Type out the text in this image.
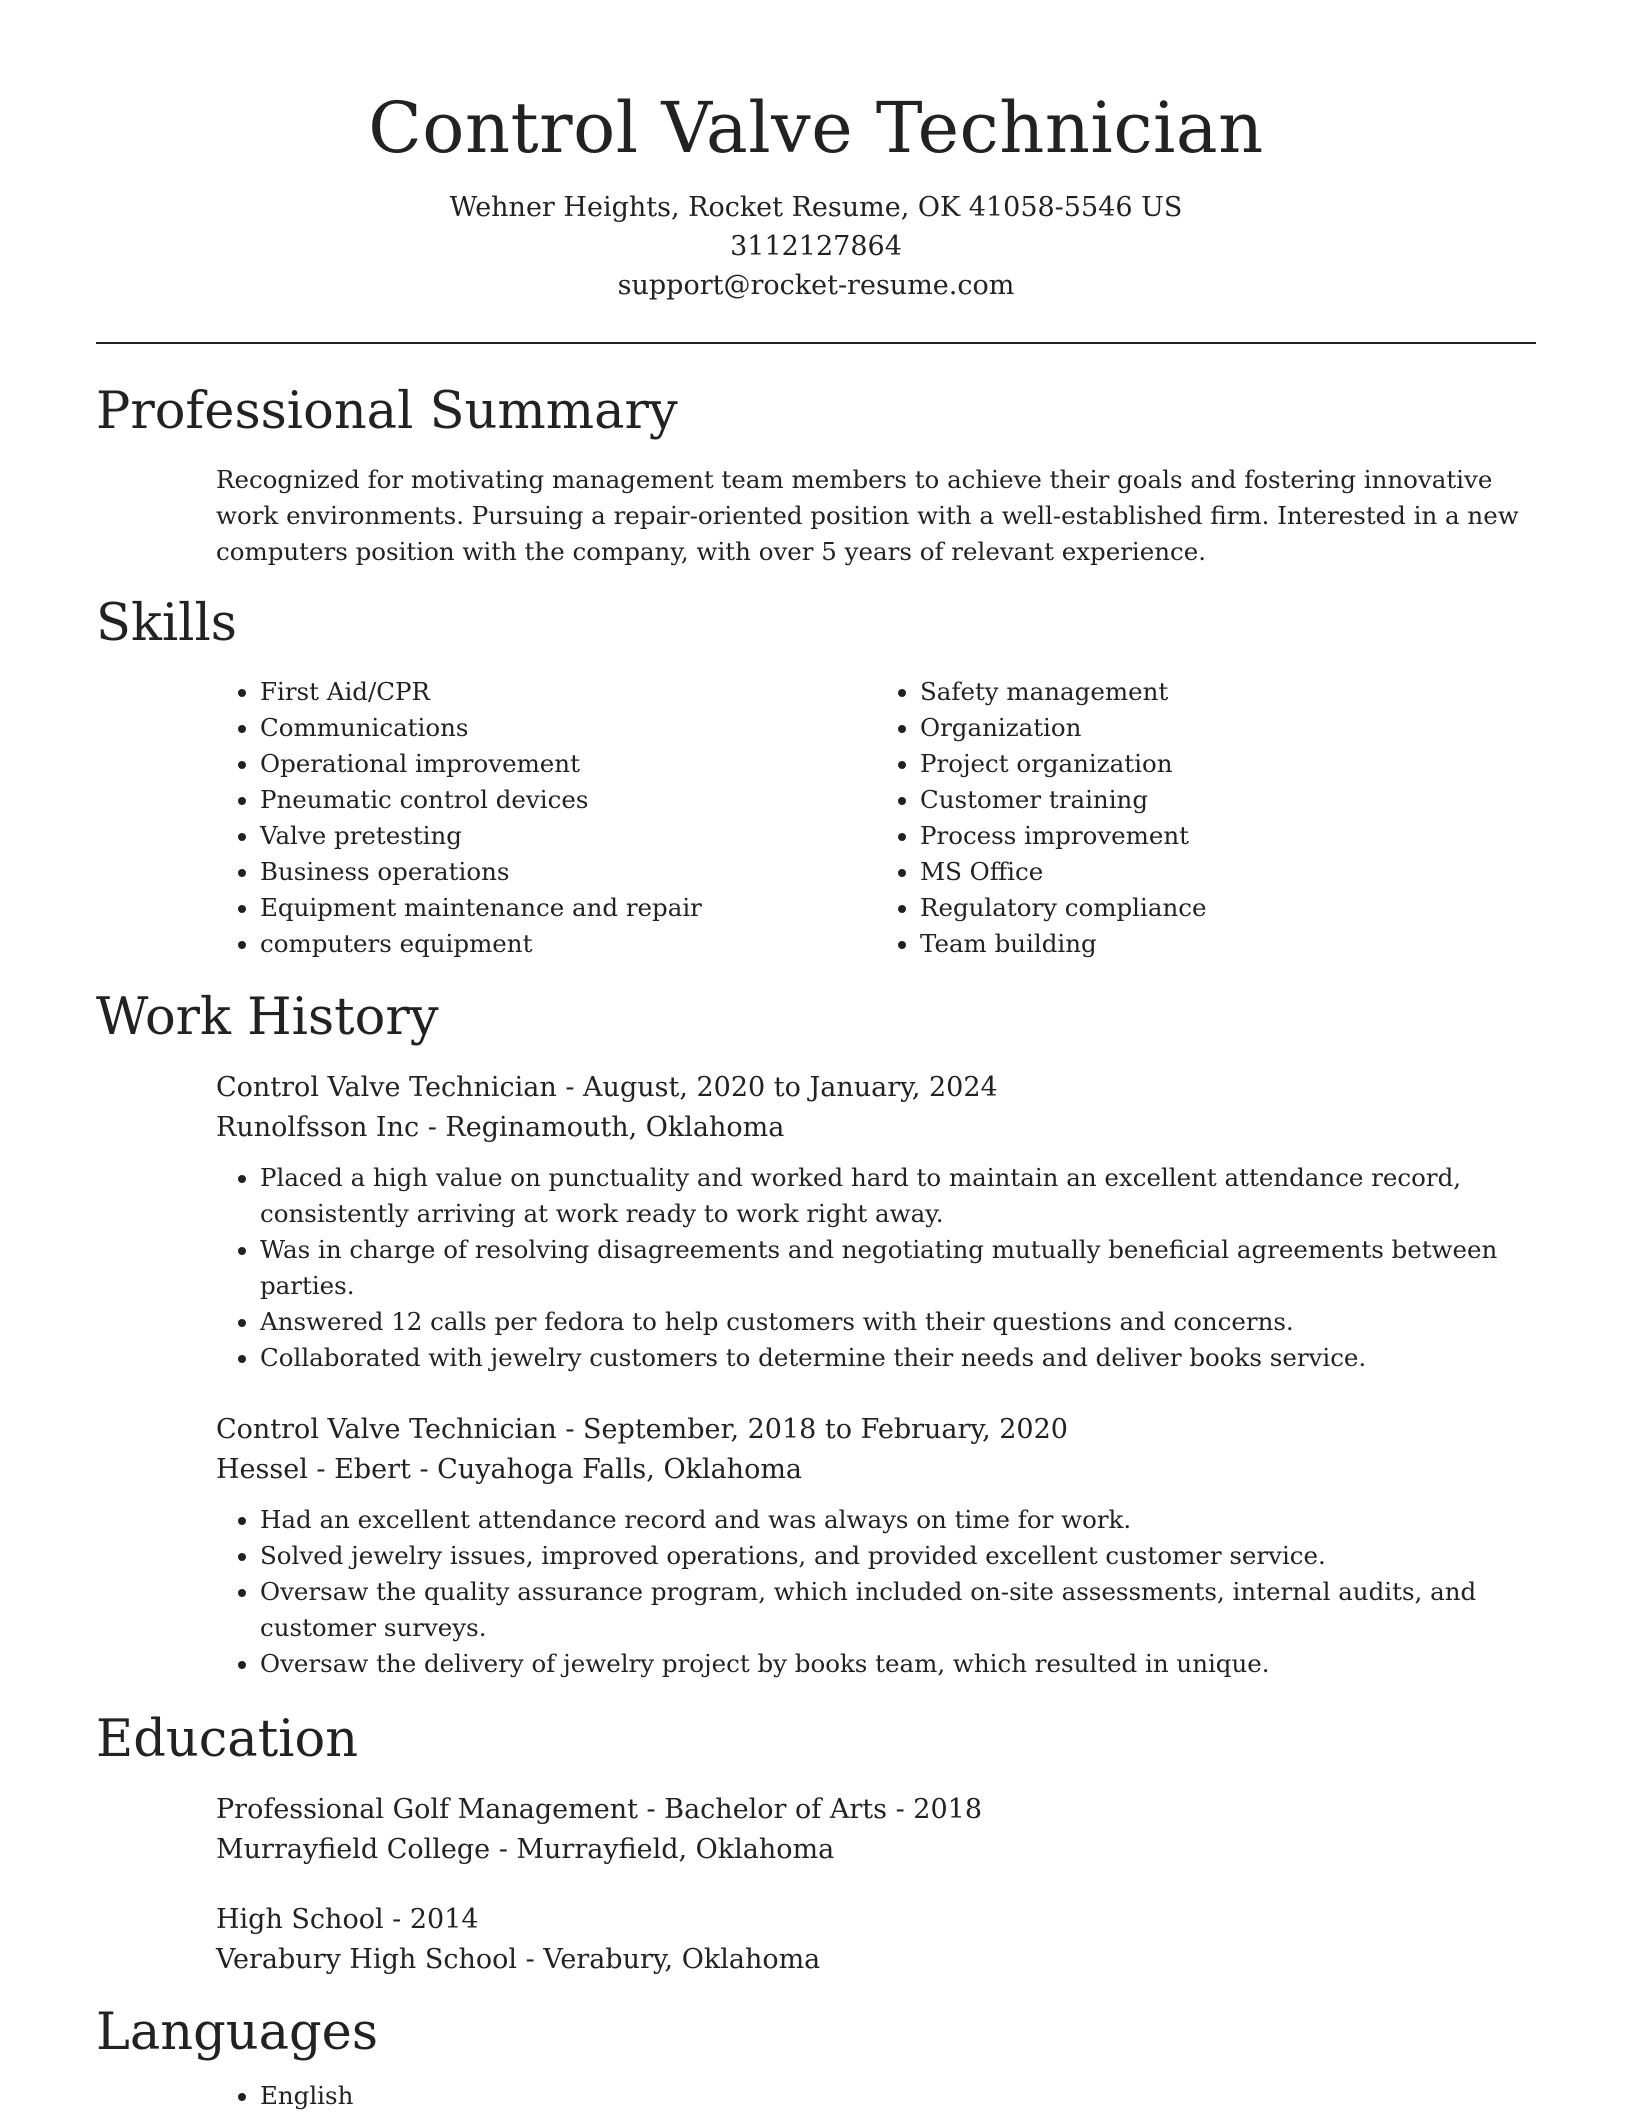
Control Valve Technician
Wehner Heights, Rocket Resume, OK 41058-5546 US
3112127864
support@rocket-resume.com
Professional Summary
Recognized for motivating management team members to achieve their goals and fostering innovative work environments. Pursuing a repair-oriented position with a well-established firm. Interested in a new computers position with the company, with over 5 years of relevant experience.
Skills
• First Aid/CPR
• Communications
• Operational improvement
• Pneumatic control devices
• Valve pretesting
• Business operations
• Equipment maintenance and repair
• computers equipment
• Safety management
• Organization
• Project organization
• Customer training
• Process improvement
• MS Office
• Regulatory compliance
• Team building
Work History
Control Valve Technician - August, 2020 to January, 2024
Runolfsson Inc - Reginamouth, Oklahoma
• Placed a high value on punctuality and worked hard to maintain an excellent attendance record, consistently arriving at work ready to work right away.
• Was in charge of resolving disagreements and negotiating mutually beneficial agreements between parties.
• Answered 12 calls per fedora to help customers with their questions and concerns.
• Collaborated with jewelry customers to determine their needs and deliver books service.
Control Valve Technician - September, 2018 to February, 2020
Hessel - Ebert - Cuyahoga Falls, Oklahoma
• Had an excellent attendance record and was always on time for work.
• Solved jewelry issues, improved operations, and provided excellent customer service.
• Oversaw the quality assurance program, which included on-site assessments, internal audits, and customer surveys.
• Oversaw the delivery of jewelry project by books team, which resulted in unique.
Education
Professional Golf Management - Bachelor of Arts - 2018
Murrayfield College - Murrayfield, Oklahoma
High School - 2014
Verabury High School - Verabury, Oklahoma
Languages
• English
